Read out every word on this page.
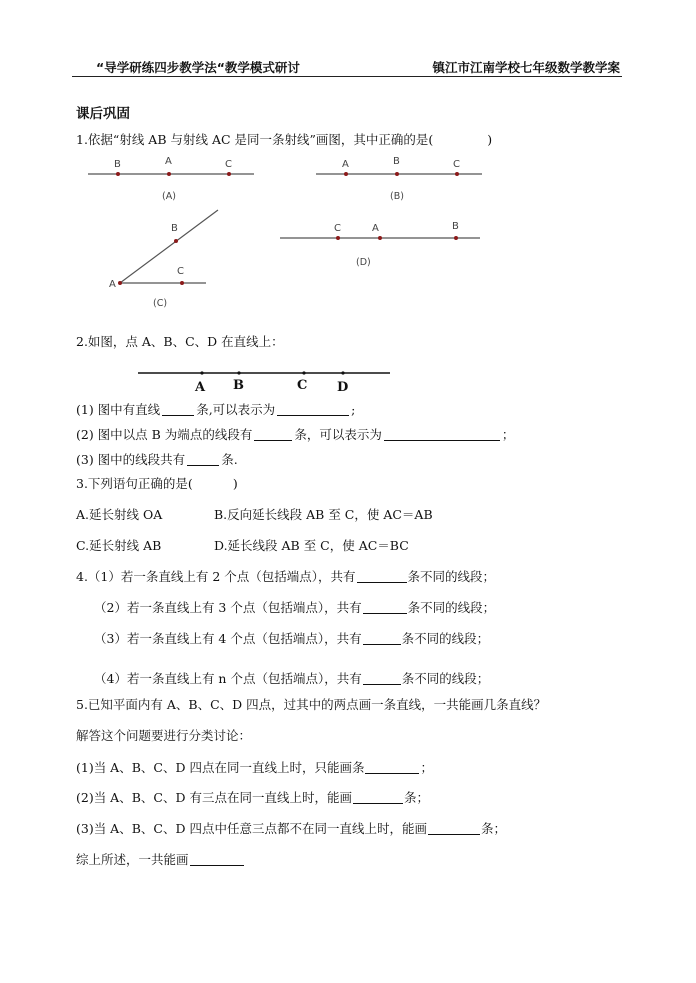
“导学研练四步教学法“教学模式研讨	镇江市江南学校七年级数学教学案
课后巩固
1.依据“射线 AB 与射线 AC 是同一条射线”画图，其中正确的是(	)
B	A	C
(A)
A	B	C
(B)
A
B
C
(C)
C	A	B
(D)
2.如图，点 A、B、C、D 在直线上：
A B	C D
(1) 图中有直线	条,可以表示为	;
(2) 图中以点 B 为端点的线段有	条，可以表示为	；
(3) 图中的线段共有	条.
3.下列语句正确的是(	)
A.延长射线 OA	B.反向延长线段 AB 至 C，使 AC＝AB
C.延长射线 AB	D.延长线段 AB 至 C，使 AC＝BC
4.（1）若一条直线上有 2 个点（包括端点），共有	条不同的线段；
（2）若一条直线上有 3 个点（包括端点），共有	条不同的线段；
（3）若一条直线上有 4 个点（包括端点），共有	条不同的线段；
（4）若一条直线上有 n 个点（包括端点），共有	条不同的线段；
5.已知平面内有 A、B、C、D 四点，过其中的两点画一条直线，一共能画几条直线？
解答这个问题要进行分类讨论：
(1)当 A、B、C、D 四点在同一直线上时，只能画条	；
(2)当 A、B、C、D 有三点在同一直线上时，能画	条；
(3)当 A、B、C、D 四点中任意三点都不在同一直线上时，能画	条；
综上所述，一共能画
